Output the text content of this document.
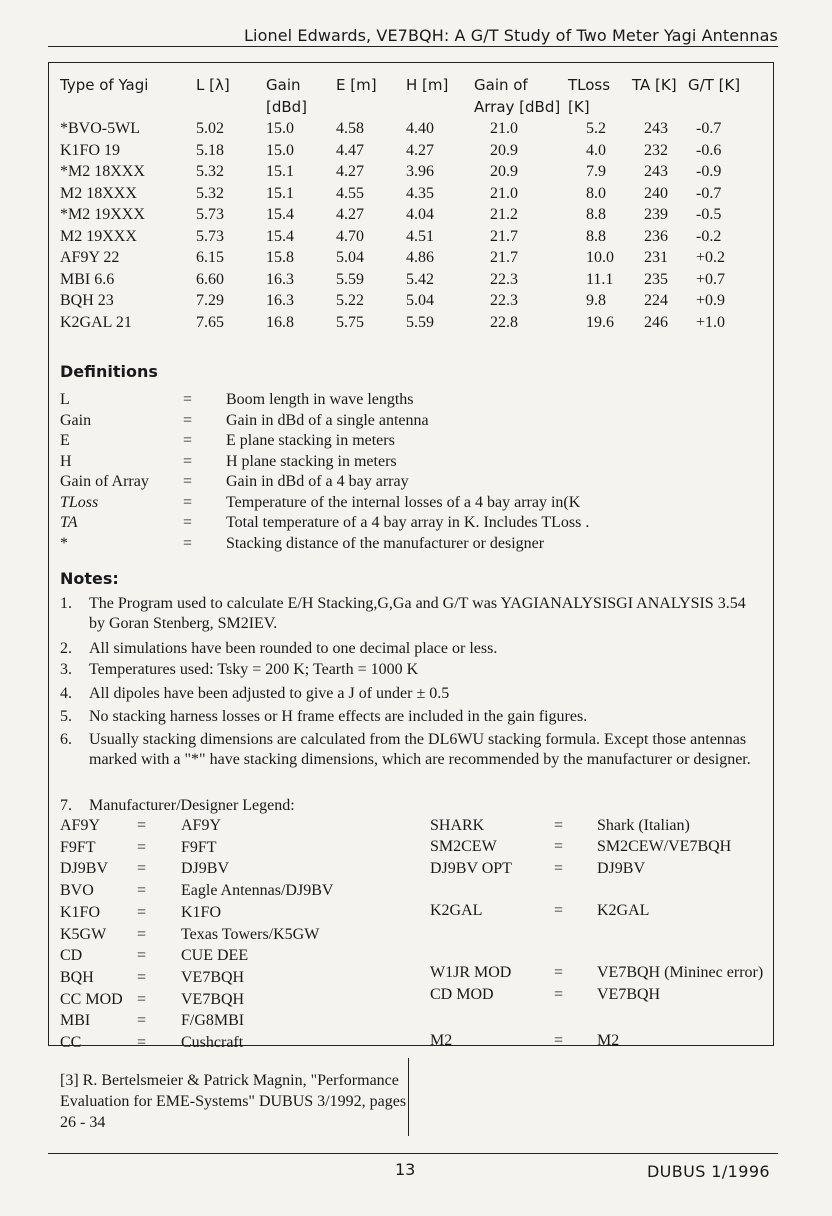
Lionel Edwards, VE7BQH: A G/T Study of Two Meter Yagi Antennas
Type of Yagi	L [λ]	Gain [dBd]	E [m]	H [m]	Gain of Array [dBd]	TLoss [K]	TA [K]	G/T [K]
*BVO-5WL	5.02	15.0	4.58	4.40	21.0	5.2	243	-0.7
K1FO 19	5.18	15.0	4.47	4.27	20.9	4.0	232	-0.6
*M2 18XXX	5.32	15.1	4.27	3.96	20.9	7.9	243	-0.9
M2 18XXX	5.32	15.1	4.55	4.35	21.0	8.0	240	-0.7
*M2 19XXX	5.73	15.4	4.27	4.04	21.2	8.8	239	-0.5
M2 19XXX	5.73	15.4	4.70	4.51	21.7	8.8	236	-0.2
AF9Y 22	6.15	15.8	5.04	4.86	21.7	10.0	231	+0.2
MBI 6.6	6.60	16.3	5.59	5.42	22.3	11.1	235	+0.7
BQH 23	7.29	16.3	5.22	5.04	22.3	9.8	224	+0.9
K2GAL 21	7.65	16.8	5.75	5.59	22.8	19.6	246	+1.0
Definitions
L	=	Boom length in wave lengths
Gain	=	Gain in dBd of a single antenna
E	=	E plane stacking in meters
H	=	H plane stacking in meters
Gain of Array	=	Gain in dBd of a 4 bay array
TLoss	=	Temperature of the internal losses of a 4 bay array in(K
TA	=	Total temperature of a 4 bay array in K. Includes TLoss .
*	=	Stacking distance of the manufacturer or designer
Notes:
1. The Program used to calculate E/H Stacking,G,Ga and G/T was YAGIANALYSISGI ANALYSIS 3.54 by Goran Stenberg, SM2IEV.
2. All simulations have been rounded to one decimal place or less.
3. Temperatures used: Tsky = 200 K; Tearth = 1000 K
4. All dipoles have been adjusted to give a J of under ± 0.5
5. No stacking harness losses or H frame effects are included in the gain figures.
6. Usually stacking dimensions are calculated from the DL6WU stacking formula. Except those antennas marked with a "*" have stacking dimensions, which are recommended by the manufacturer or designer.
7. Manufacturer/Designer Legend:
AF9Y = AF9Y
F9FT	= F9FT
DJ9BV = DJ9BV
BVO	= Eagle Antennas/DJ9BV
K1FO = K1FO
K5GW = Texas Towers/K5GW
CD	= CUE DEE
BQH	= VE7BQH
CC MOD = VE7BQH
MBI	= F/G8MBI
CC	= Cushcraft
SHARK	= Shark (Italian)
SM2CEW	= SM2CEW/VE7BQH
DJ9BV OPT	= DJ9BV
K2GAL	= K2GAL
W1JR MOD	= VE7BQH (Mininec error)
CD MOD	= VE7BQH
M2	= M2
[3] R. Bertelsmeier & Patrick Magnin, "Performance Evaluation for EME-Systems" DUBUS 3/1992, pages 26 - 34
13	DUBUS 1/1996
